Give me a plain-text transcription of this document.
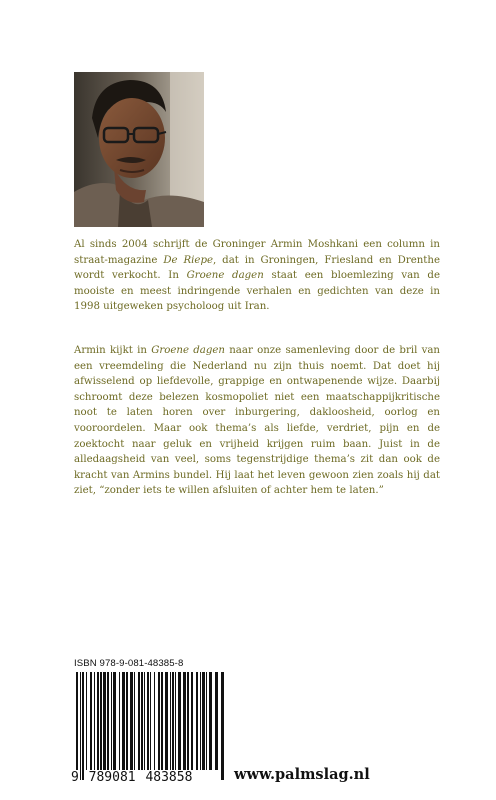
Al sinds 2004 schrijft de Groninger Armin Moshkani een column in straat-magazine De Riepe, dat in Groningen, Friesland en Drenthe wordt verkocht. In Groene dagen staat een bloemlezing van de mooiste en meest indringende verhalen en gedichten van deze in 1998 uitgeweken psycholoog uit Iran.

Armin kijkt in Groene dagen naar onze samenleving door de bril van een vreemdeling die Nederland nu zijn thuis noemt. Dat doet hij afwisselend op liefdevolle, grappige en ontwapenende wijze. Daarbij schroomt deze belezen kosmopoliet niet een maatschappijkritische noot te laten horen over inburgering, dakloosheid, oorlog en vooroordelen. Maar ook thema’s als liefde, verdriet, pijn en de zoektocht naar geluk en vrijheid krijgen ruim baan. Juist in de alledaagsheid van veel, soms tegenstrijdige thema’s zit dan ook de kracht van Armins bundel. Hij laat het leven gewoon zien zoals hij dat ziet, “zonder iets te willen afsluiten of achter hem te laten.”

ISBN 978-9-081-48385-8
9 789081 483858	www.palmslag.nl
